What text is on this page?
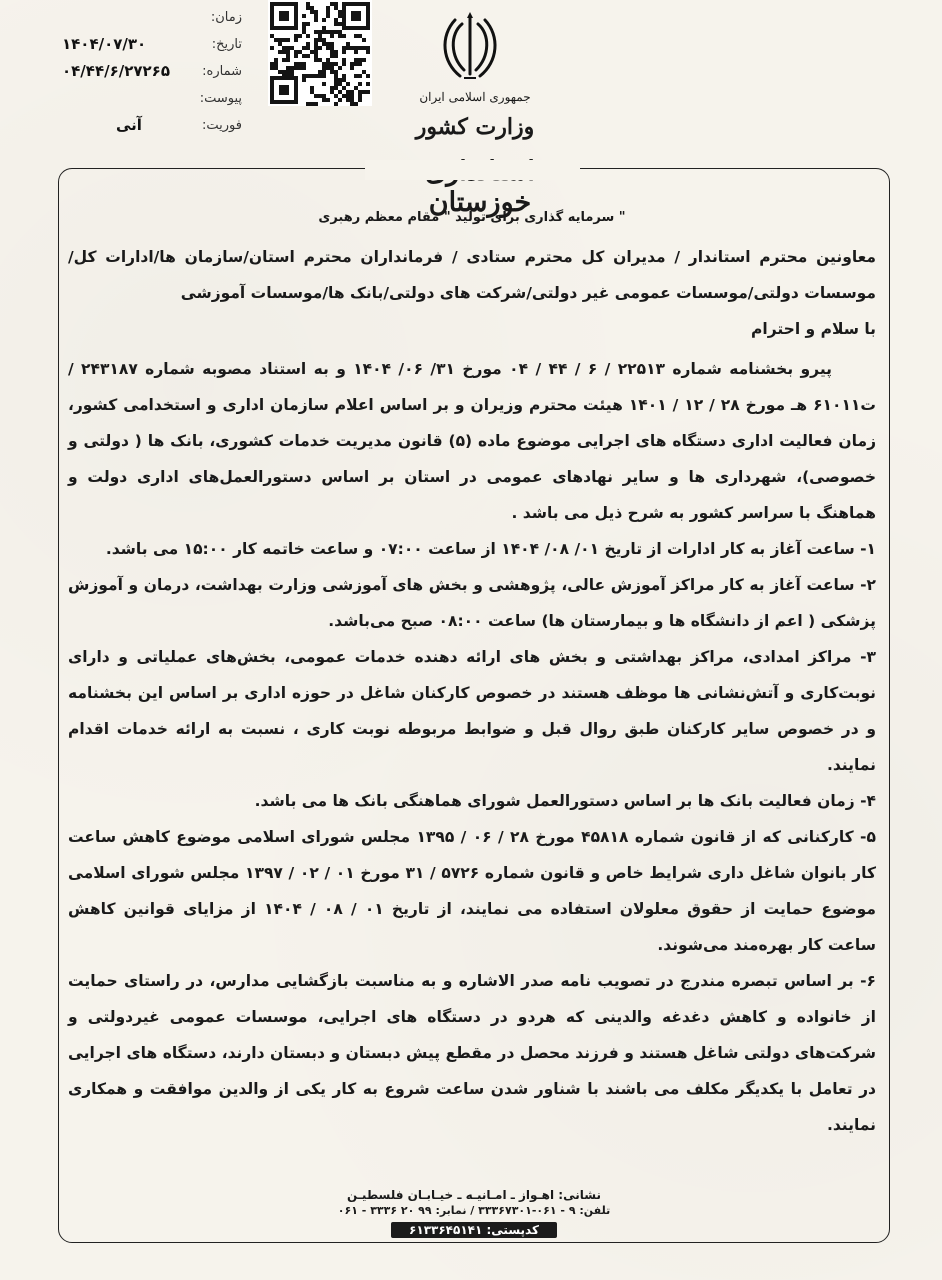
زمان:
تاریخ:
۱۴۰۴/۰۷/۳۰
شماره:
۰۴/۴۴/۶/۲۷۲۶۵
پیوست:
فوریت:
آنی
جمهوری اسلامی ایران
وزارت کشور
خوزستان

" سرمایه گذاری برای تولید " مقام معظم رهبری

معاونین محترم استاندار / مدیران کل محترم ستادی / فرمانداران محترم استان/سازمان ها/ادارات کل/موسسات دولتی/موسسات عمومی غیر دولتی/شرکت های دولتی/بانک ها/موسسات آموزشی

با سلام و احترام

پیرو بخشنامه شماره ۲۲۵۱۳ / ۶ / ۴۴ / ۰۴ مورخ ۳۱/ ۰۶/ ۱۴۰۴ و به استناد مصوبه شماره ۲۴۳۱۸۷ / ت۶۱۰۱۱ هـ مورخ ۲۸ / ۱۲ / ۱۴۰۱ هیئت محترم وزیران و بر اساس اعلام سازمان اداری و استخدامی کشور، زمان فعالیت اداری دستگاه های اجرایی موضوع ماده (۵) قانون مدیریت خدمات کشوری، بانک ها ( دولتی و خصوصی)، شهرداری ها و سایر نهادهای عمومی در استان بر اساس دستورالعمل‌های اداری دولت و هماهنگ با سراسر کشور به شرح ذیل می باشد .

۱- ساعت آغاز به کار ادارات از تاریخ ۰۱/ ۰۸/ ۱۴۰۴ از ساعت ۰۷:۰۰ و ساعت خاتمه کار ۱۵:۰۰ می باشد.

۲- ساعت آغاز به کار مراکز آموزش عالی، پژوهشی و بخش های آموزشی وزارت بهداشت، درمان و آموزش پزشکی ( اعم از دانشگاه ها و بیمارستان ها) ساعت ۰۸:۰۰ صبح می‌باشد.

۳- مراکز امدادی، مراکز بهداشتی و بخش های ارائه دهنده خدمات عمومی، بخش‌های عملیاتی و دارای نوبت‌کاری و آتش‌نشانی ها موظف هستند در خصوص کارکنان شاغل در حوزه اداری بر اساس این بخشنامه و در خصوص سایر کارکنان طبق روال قبل و ضوابط مربوطه نوبت کاری ، نسبت به ارائه خدمات اقدام نمایند.

۴- زمان فعالیت بانک ها بر اساس دستورالعمل شورای هماهنگی بانک ها می باشد.

۵- کارکنانی که از قانون شماره ۴۵۸۱۸ مورخ ۲۸ / ۰۶ / ۱۳۹۵ مجلس شورای اسلامی موضوع کاهش ساعت کار بانوان شاغل داری شرایط خاص و قانون شماره ۵۷۲۶ / ۳۱ مورخ ۰۱ / ۰۲ / ۱۳۹۷ مجلس شورای اسلامی موضوع حمایت از حقوق معلولان استفاده می نمایند، از تاریخ ۰۱ / ۰۸ / ۱۴۰۴ از مزایای قوانین کاهش ساعت کار بهره‌مند می‌شوند.

۶- بر اساس تبصره مندرج در تصویب نامه صدر الاشاره و به مناسبت بازگشایی مدارس، در راستای حمایت از خانواده و کاهش دغدغه والدینی که هردو در دستگاه های اجرایی، موسسات عمومی غیردولتی و شرکت‌های دولتی شاغل هستند و فرزند محصل در مقطع پیش دبستان و دبستان دارند، دستگاه های اجرایی در تعامل با یکدیگر مکلف می باشند با شناور شدن ساعت شروع به کار یکی از والدین موافقت و همکاری نمایند.

نشانی: اهـواز ـ امـانیـه ـ خیـابـان فلسطیـن
تلفن: ۹ - ۰۶۱-۳۳۳۶۷۳۰۱ / نمابر: ۹۹ ۲۰ ۳۳۳۶ - ۰۶۱
کدپستی: ۶۱۳۳۶۴۵۱۴۱
